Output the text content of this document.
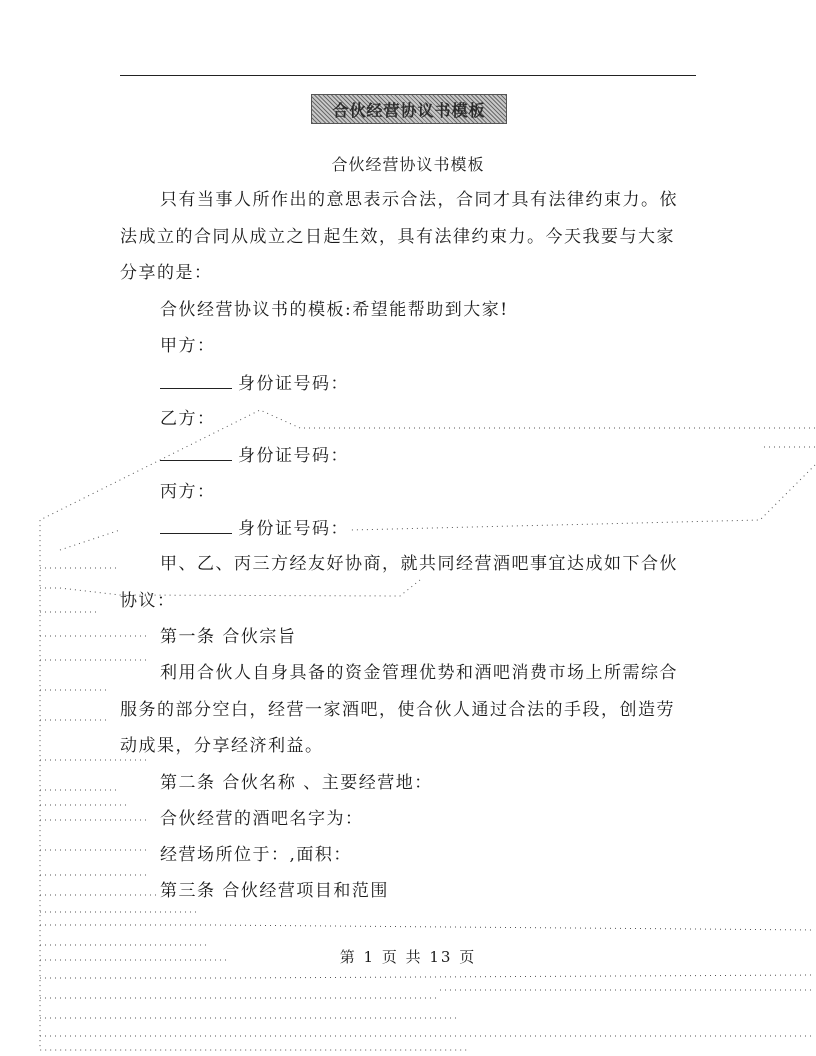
合伙经营协议书模板
合伙经营协议书模板
只有当事人所作出的意思表示合法，合同才具有法律约束力。依
法成立的合同从成立之日起生效，具有法律约束力。今天我要与大家
分享的是：
合伙经营协议书的模板:希望能帮助到大家!
甲方：
身份证号码：
乙方：
身份证号码：
丙方：
身份证号码：
甲、乙、丙三方经友好协商，就共同经营酒吧事宜达成如下合伙
协议：
第一条 合伙宗旨
利用合伙人自身具备的资金管理优势和酒吧消费市场上所需综合
服务的部分空白，经营一家酒吧，使合伙人通过合法的手段，创造劳
动成果，分享经济利益。
第二条 合伙名称 、主要经营地：
合伙经营的酒吧名字为：
经营场所位于：,面积：
第三条 合伙经营项目和范围
第 1 页 共 13 页
